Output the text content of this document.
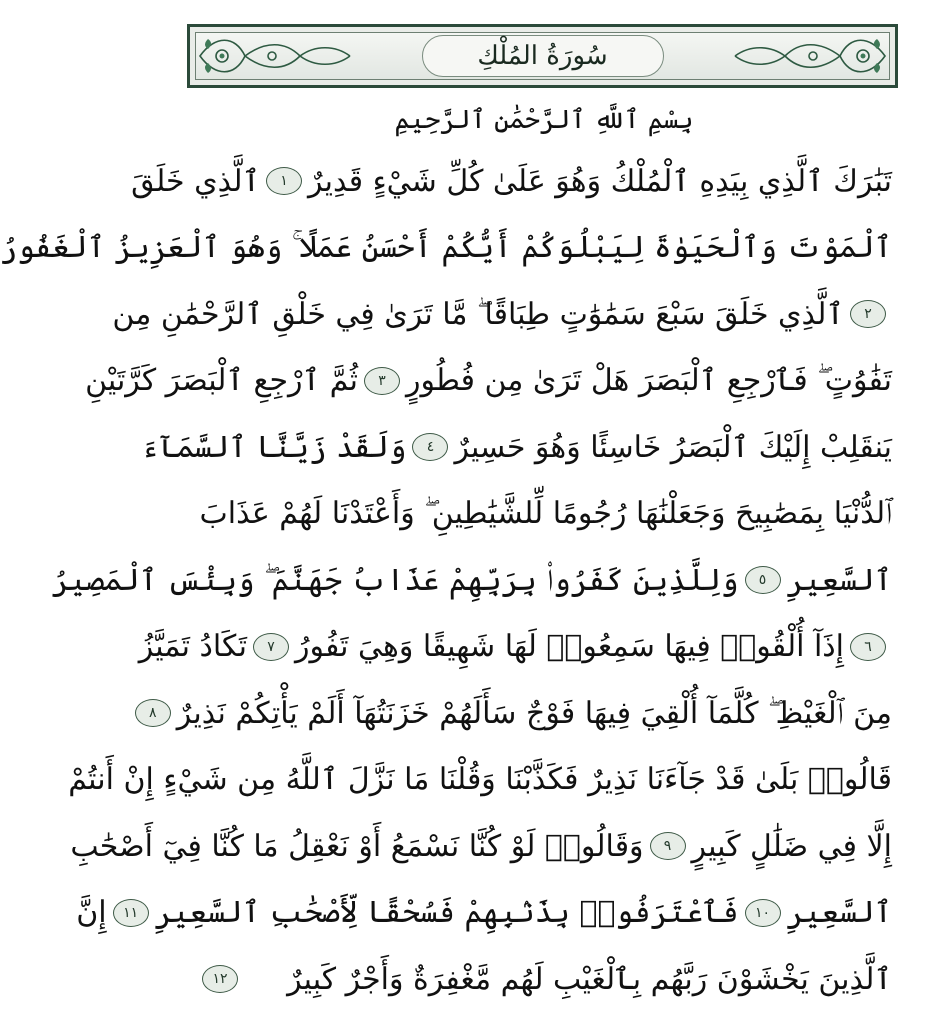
سُورَةُ المُلْكِ
بِسْمِ ٱللَّهِ ٱلرَّحْمَٰنِ ٱلرَّحِيمِ
تَبَٰرَكَ ٱلَّذِي بِيَدِهِ ٱلْمُلْكُ وَهُوَ عَلَىٰ كُلِّ شَيْءٍ قَدِيرٌ
١
ٱلَّذِي خَلَقَ
ٱلْمَوْتَ وَٱلْحَيَوٰةَ لِيَبْلُوَكُمْ أَيُّكُمْ أَحْسَنُ عَمَلًا ۚ وَهُوَ ٱلْعَزِيزُ ٱلْغَفُورُ
٢
ٱلَّذِي خَلَقَ سَبْعَ سَمَٰوَٰتٍ طِبَاقًا ۖ مَّا تَرَىٰ فِي خَلْقِ ٱلرَّحْمَٰنِ مِن
تَفَٰوُتٍ ۖ فَٱرْجِعِ ٱلْبَصَرَ هَلْ تَرَىٰ مِن فُطُورٍ
٣
ثُمَّ ٱرْجِعِ ٱلْبَصَرَ كَرَّتَيْنِ
يَنقَلِبْ إِلَيْكَ ٱلْبَصَرُ خَاسِئًا وَهُوَ حَسِيرٌ
٤
وَلَقَدْ زَيَّنَّا ٱلسَّمَآءَ
ٱلدُّنْيَا بِمَصَٰبِيحَ وَجَعَلْنَٰهَا رُجُومًا لِّلشَّيَٰطِينِ ۖ وَأَعْتَدْنَا لَهُمْ عَذَابَ
ٱلسَّعِيرِ
٥
وَلِلَّذِينَ كَفَرُوا۟ بِرَبِّهِمْ عَذَابُ جَهَنَّمَ ۖ وَبِئْسَ ٱلْمَصِيرُ
٦
إِذَآ أُلْقُوا۟ فِيهَا سَمِعُوا۟ لَهَا شَهِيقًا وَهِيَ تَفُورُ
٧
تَكَادُ تَمَيَّزُ
مِنَ ٱلْغَيْظِ ۖ كُلَّمَآ أُلْقِيَ فِيهَا فَوْجٌ سَأَلَهُمْ خَزَنَتُهَآ أَلَمْ يَأْتِكُمْ نَذِيرٌ
٨
قَالُوا۟ بَلَىٰ قَدْ جَآءَنَا نَذِيرٌ فَكَذَّبْنَا وَقُلْنَا مَا نَزَّلَ ٱللَّهُ مِن شَيْءٍ إِنْ أَنتُمْ
إِلَّا فِي ضَلَٰلٍ كَبِيرٍ
٩
وَقَالُوا۟ لَوْ كُنَّا نَسْمَعُ أَوْ نَعْقِلُ مَا كُنَّا فِيٓ أَصْحَٰبِ
ٱلسَّعِيرِ
١٠
فَٱعْتَرَفُوا۟ بِذَنۢبِهِمْ فَسُحْقًا لِّأَصْحَٰبِ ٱلسَّعِيرِ
١١
إِنَّ
ٱلَّذِينَ يَخْشَوْنَ رَبَّهُم بِٱلْغَيْبِ لَهُم مَّغْفِرَةٌ وَأَجْرٌ كَبِيرٌ
١٢
